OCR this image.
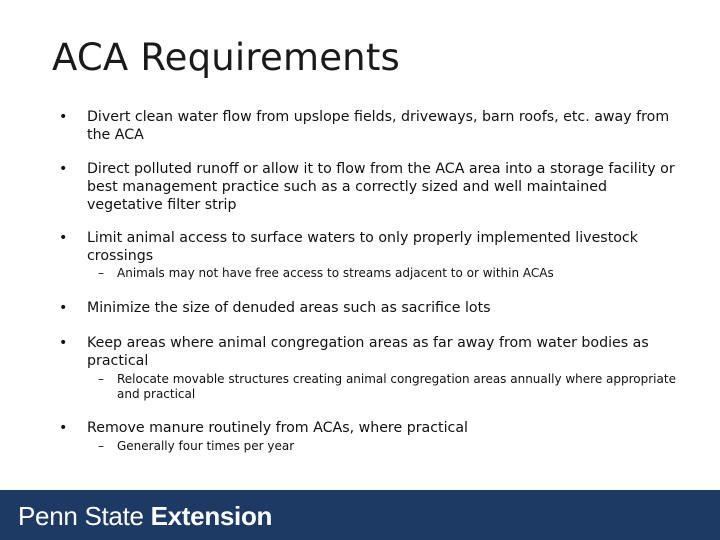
ACA Requirements
• Divert clean water flow from upslope fields, driveways, barn roofs, etc. away from the ACA
• Direct polluted runoff or allow it to flow from the ACA area into a storage facility or best management practice such as a correctly sized and well maintained vegetative filter strip
• Limit animal access to surface waters to only properly implemented livestock crossings
– Animals may not have free access to streams adjacent to or within ACAs
• Minimize the size of denuded areas such as sacrifice lots
• Keep areas where animal congregation areas as far away from water bodies as practical
– Relocate movable structures creating animal congregation areas annually where appropriate and practical
• Remove manure routinely from ACAs, where practical
– Generally four times per year
Penn State Extension
